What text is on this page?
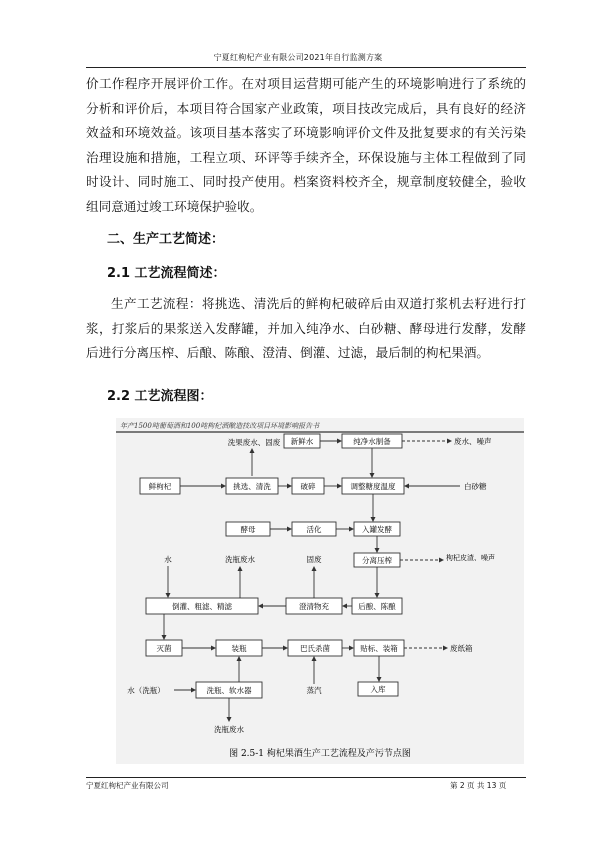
宁夏红枸杞产业有限公司2021年自行监测方案
价工作程序开展评价工作。在对项目运营期可能产生的环境影响进行了系统的分析和评价后，本项目符合国家产业政策，项目技改完成后，具有良好的经济效益和环境效益。该项目基本落实了环境影响评价文件及批复要求的有关污染治理设施和措施，工程立项、环评等手续齐全，环保设施与主体工程做到了同时设计、同时施工、同时投产使用。档案资料校齐全，规章制度较健全，验收组同意通过竣工环境保护验收。
二、生产工艺简述：
2.1 工艺流程简述：
生产工艺流程：将挑选、清洗后的鲜枸杞破碎后由双道打浆机去籽进行打浆，打浆后的果浆送入发酵罐，并加入纯净水、白砂糖、酵母进行发酵，发酵后进行分离压榨、后酿、陈酿、澄清、倒灌、过滤，最后制的枸杞果酒。
2.2 工艺流程图：
年产1500吨葡萄酒和100吨枸杞酒酿造技改项目环境影响报告书
洗果废水、固废 新鲜水	纯净水制备	废水、噪声
鲜枸杞	挑选、清洗	破碎	调整糖度温度	白砂糖
酵母	活化	入罐发酵
水	洗瓶废水	固废	分离压榨	枸杞皮渣、噪声
倒灌、粗滤、精滤	澄清物充	后酿、陈酿
灭菌	装瓶	巴氏杀菌	贴标、装箱	废纸箱
水（洗瓶）	洗瓶、软水器	蒸汽	入库
洗瓶废水
图 2.5-1 枸杞果酒生产工艺流程及产污节点图
宁夏红枸杞产业有限公司	第 2 页 共 13 页
